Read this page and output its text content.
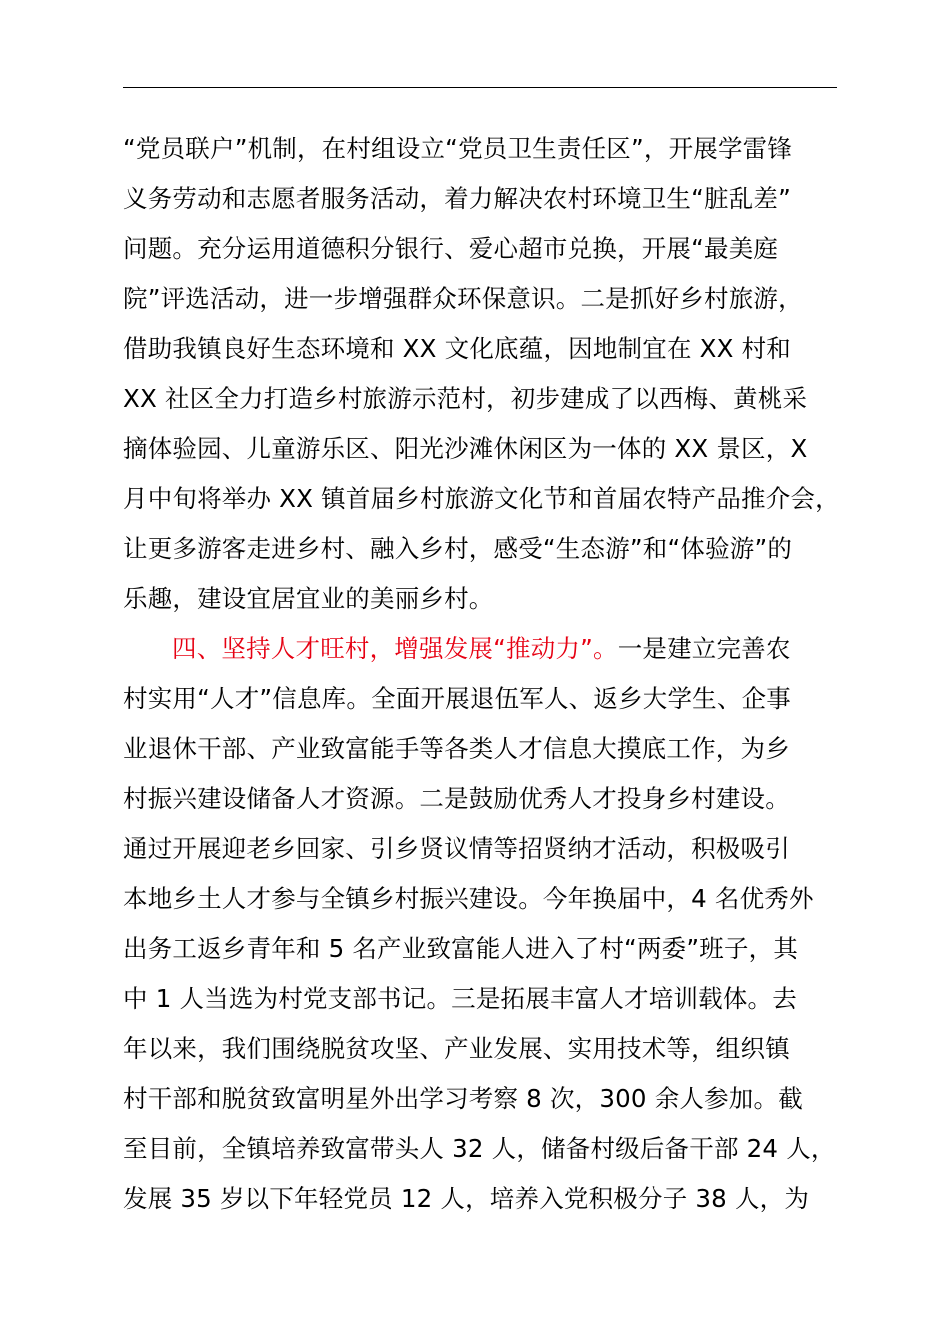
“党员联户”机制，在村组设立“党员卫生责任区”，开展学雷锋
义务劳动和志愿者服务活动，着力解决农村环境卫生“脏乱差”
问题。充分运用道德积分银行、爱心超市兑换，开展“最美庭
院”评选活动，进一步增强群众环保意识。二是抓好乡村旅游，
借助我镇良好生态环境和 XX 文化底蕴，因地制宜在 XX 村和
XX 社区全力打造乡村旅游示范村，初步建成了以西梅、黄桃采
摘体验园、儿童游乐区、阳光沙滩休闲区为一体的 XX 景区，X
月中旬将举办 XX 镇首届乡村旅游文化节和首届农特产品推介会，
让更多游客走进乡村、融入乡村，感受“生态游”和“体验游”的
乐趣，建设宜居宜业的美丽乡村。
四、坚持人才旺村，增强发展“推动力”。一是建立完善农
村实用“人才”信息库。全面开展退伍军人、返乡大学生、企事
业退休干部、产业致富能手等各类人才信息大摸底工作，为乡
村振兴建设储备人才资源。二是鼓励优秀人才投身乡村建设。
通过开展迎老乡回家、引乡贤议情等招贤纳才活动，积极吸引
本地乡土人才参与全镇乡村振兴建设。今年换届中，4 名优秀外
出务工返乡青年和 5 名产业致富能人进入了村“两委”班子，其
中 1 人当选为村党支部书记。三是拓展丰富人才培训载体。去
年以来，我们围绕脱贫攻坚、产业发展、实用技术等，组织镇
村干部和脱贫致富明星外出学习考察 8 次，300 余人参加。截
至目前，全镇培养致富带头人 32 人，储备村级后备干部 24 人，
发展 35 岁以下年轻党员 12 人，培养入党积极分子 38 人，为
